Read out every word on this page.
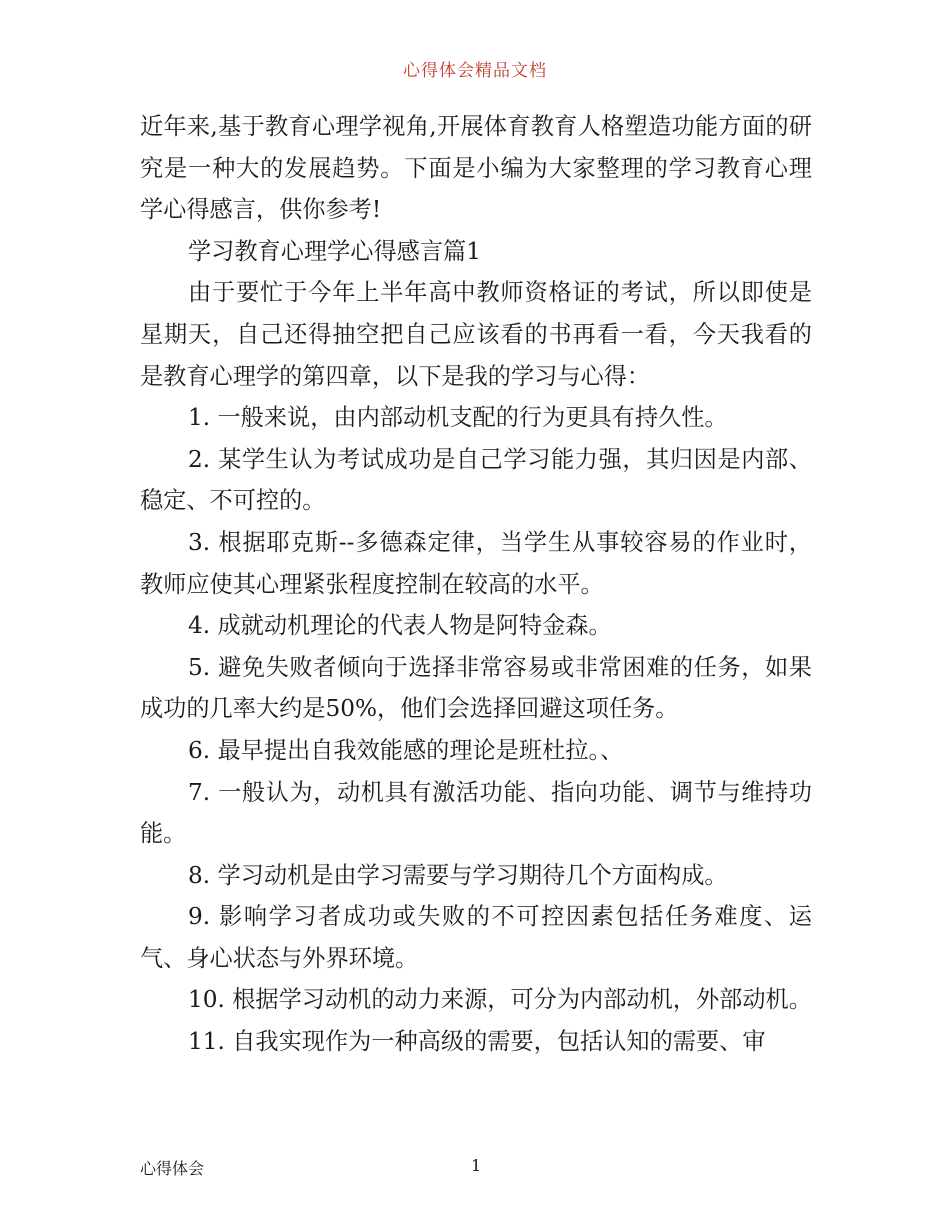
心得体会精品文档

近年来,基于教育心理学视角,开展体育教育人格塑造功能方面的研究是一种大的发展趋势。下面是小编为大家整理的学习教育心理学心得感言，供你参考!

学习教育心理学心得感言篇1

由于要忙于今年上半年高中教师资格证的考试，所以即使是星期天，自己还得抽空把自己应该看的书再看一看，今天我看的是教育心理学的第四章，以下是我的学习与心得：

1. 一般来说，由内部动机支配的行为更具有持久性。

2. 某学生认为考试成功是自己学习能力强，其归因是内部、稳定、不可控的。

3. 根据耶克斯--多德森定律，当学生从事较容易的作业时，教师应使其心理紧张程度控制在较高的水平。

4. 成就动机理论的代表人物是阿特金森。

5. 避免失败者倾向于选择非常容易或非常困难的任务，如果成功的几率大约是50%，他们会选择回避这项任务。

6. 最早提出自我效能感的理论是班杜拉。、

7. 一般认为，动机具有激活功能、指向功能、调节与维持功能。

8. 学习动机是由学习需要与学习期待几个方面构成。

9. 影响学习者成功或失败的不可控因素包括任务难度、运气、身心状态与外界环境。

10. 根据学习动机的动力来源，可分为内部动机，外部动机。

11. 自我实现作为一种高级的需要，包括认知的需要、审

心得体会	1
